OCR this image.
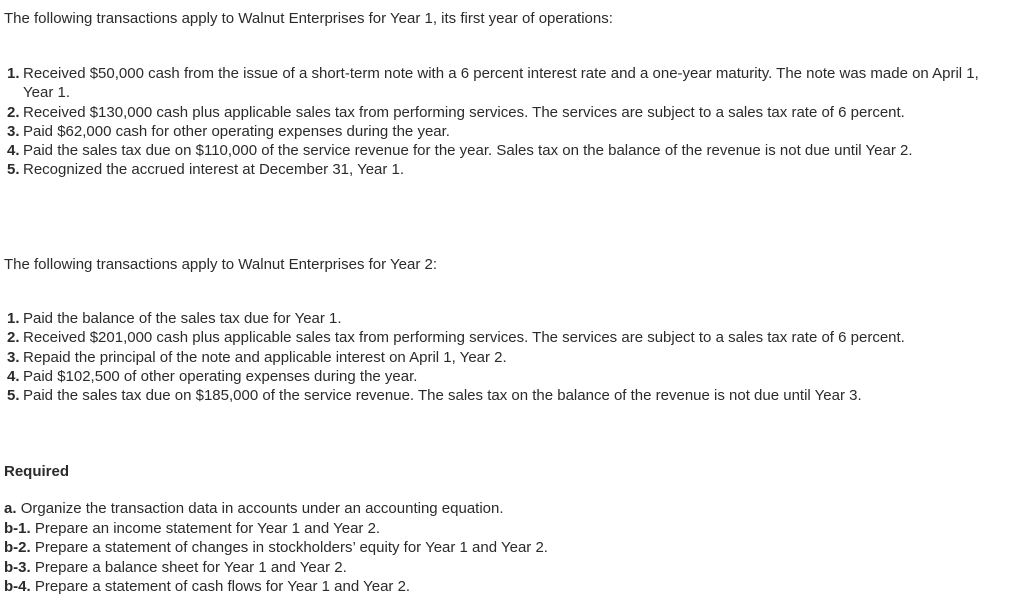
The following transactions apply to Walnut Enterprises for Year 1, its first year of operations:

1. Received $50,000 cash from the issue of a short-term note with a 6 percent interest rate and a one-year maturity. The note was made on April 1, Year 1.
2. Received $130,000 cash plus applicable sales tax from performing services. The services are subject to a sales tax rate of 6 percent.
3. Paid $62,000 cash for other operating expenses during the year.
4. Paid the sales tax due on $110,000 of the service revenue for the year. Sales tax on the balance of the revenue is not due until Year 2.
5. Recognized the accrued interest at December 31, Year 1.

The following transactions apply to Walnut Enterprises for Year 2:

1. Paid the balance of the sales tax due for Year 1.
2. Received $201,000 cash plus applicable sales tax from performing services. The services are subject to a sales tax rate of 6 percent.
3. Repaid the principal of the note and applicable interest on April 1, Year 2.
4. Paid $102,500 of other operating expenses during the year.
5. Paid the sales tax due on $185,000 of the service revenue. The sales tax on the balance of the revenue is not due until Year 3.

Required

a. Organize the transaction data in accounts under an accounting equation.
b-1. Prepare an income statement for Year 1 and Year 2.
b-2. Prepare a statement of changes in stockholders’ equity for Year 1 and Year 2.
b-3. Prepare a balance sheet for Year 1 and Year 2.
b-4. Prepare a statement of cash flows for Year 1 and Year 2.
